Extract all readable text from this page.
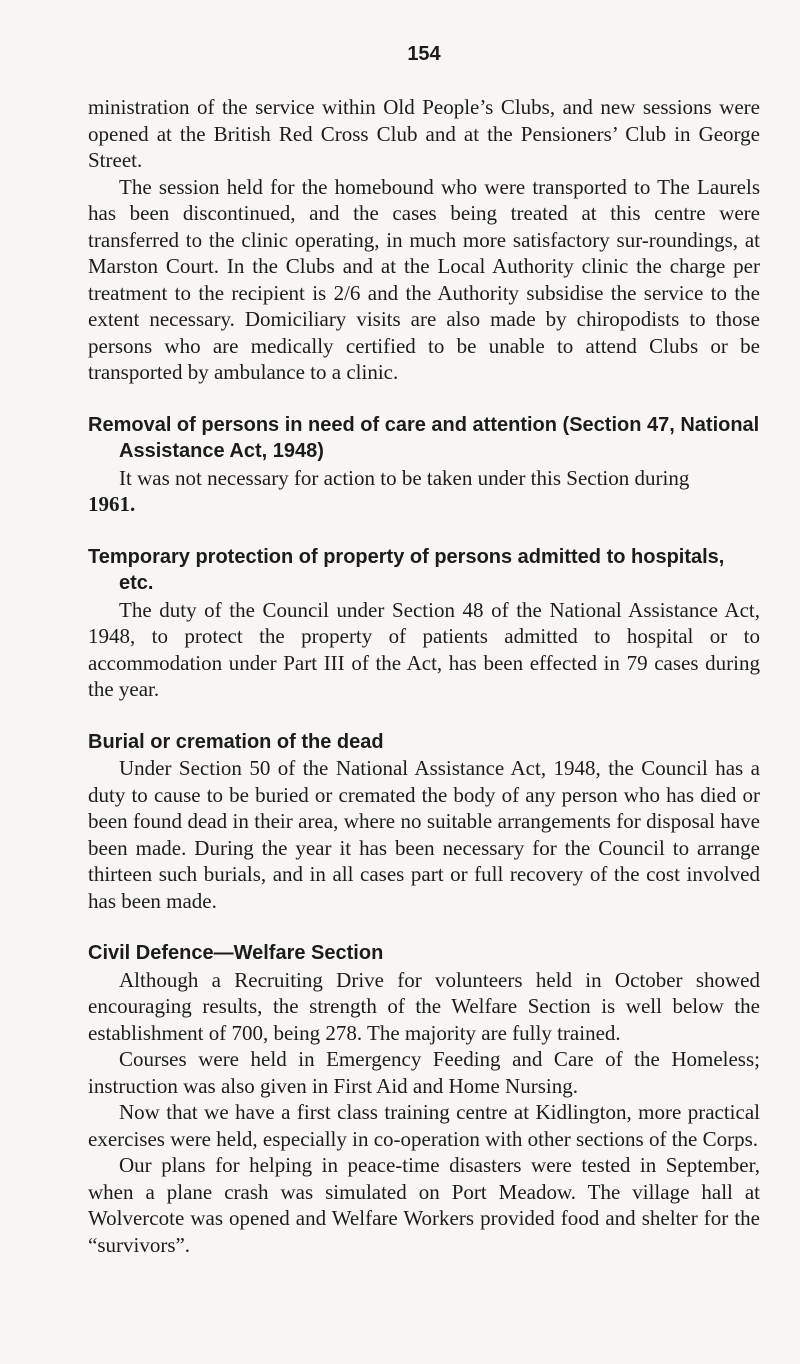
154

ministration of the service within Old People’s Clubs, and new sessions were opened at the British Red Cross Club and at the Pensioners’ Club in George Street.

The session held for the homebound who were transported to The Laurels has been discontinued, and the cases being treated at this centre were transferred to the clinic operating, in much more satisfactory sur-roundings, at Marston Court. In the Clubs and at the Local Authority clinic the charge per treatment to the recipient is 2/6 and the Authority subsidise the service to the extent necessary. Domiciliary visits are also made by chiropodists to those persons who are medically certified to be unable to attend Clubs or be transported by ambulance to a clinic.

Removal of persons in need of care and attention (Section 47, National Assistance Act, 1948)

It was not necessary for action to be taken under this Section during
1961.

Temporary protection of property of persons admitted to hospitals, etc.

The duty of the Council under Section 48 of the National Assistance Act, 1948, to protect the property of patients admitted to hospital or to accommodation under Part III of the Act, has been effected in 79 cases during the year.

Burial or cremation of the dead

Under Section 50 of the National Assistance Act, 1948, the Council has a duty to cause to be buried or cremated the body of any person who has died or been found dead in their area, where no suitable arrangements for disposal have been made. During the year it has been necessary for the Council to arrange thirteen such burials, and in all cases part or full recovery of the cost involved has been made.

Civil Defence—Welfare Section

Although a Recruiting Drive for volunteers held in October showed encouraging results, the strength of the Welfare Section is well below the establishment of 700, being 278. The majority are fully trained.

Courses were held in Emergency Feeding and Care of the Homeless; instruction was also given in First Aid and Home Nursing.

Now that we have a first class training centre at Kidlington, more practical exercises were held, especially in co-operation with other sections of the Corps.

Our plans for helping in peace-time disasters were tested in September, when a plane crash was simulated on Port Meadow. The village hall at Wolvercote was opened and Welfare Workers provided food and shelter for the “survivors”.
